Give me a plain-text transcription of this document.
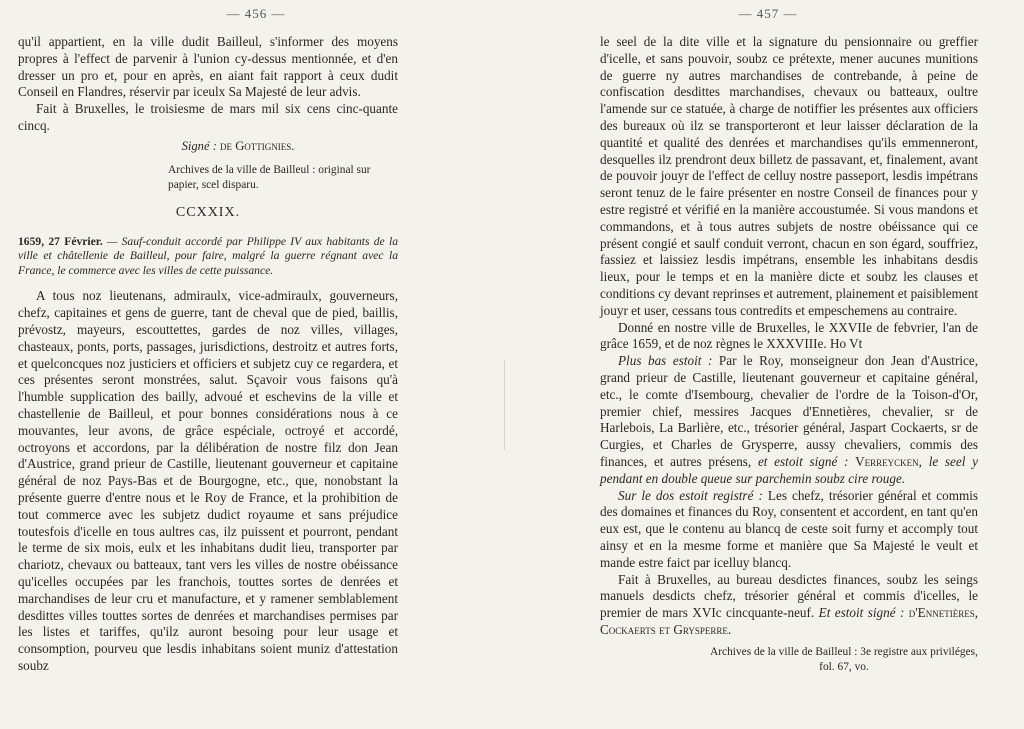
— 456 —

qu'il appartient, en la ville dudit Bailleul, s'informer des moyens propres à l'effect de parvenir à l'union cy-dessus mentionnée, et d'en dresser un pro et, pour en après, en aiant fait rapport à ceux dudit Conseil en Flandres, réservir par iceulx Sa Majesté de leur advis.

Fait à Bruxelles, le troisiesme de mars mil six cens cinc-quante cincq.

Signé : de Gottignies.

Archives de la ville de Bailleul : original sur papier, scel disparu.

CCXXIX.

1659, 27 Février. — Sauf-conduit accordé par Philippe IV aux habitants de la ville et châtellenie de Bailleul, pour faire, malgré la guerre régnant avec la France, le commerce avec les villes de cette puissance.

A tous noz lieutenans, admiraulx, vice-admiraulx, gouverneurs, chefz, capitaines et gens de guerre, tant de cheval que de pied, baillis, prévostz, mayeurs, escouttettes, gardes de noz villes, villages, chasteaux, ponts, ports, passages, jurisdictions, destroitz et autres forts, et quelconcques noz justiciers et officiers et subjetz cuy ce regardera, et ces présentes seront monstrées, salut. Sçavoir vous faisons qu'à l'humble supplication des bailly, advoué et eschevins de la ville et chastellenie de Bailleul, et pour bonnes considérations nous à ce mouvantes, leur avons, de grâce espéciale, octroyé et accordé, octroyons et accordons, par la délibération de nostre filz don Jean d'Austrice, grand prieur de Castille, lieutenant gouverneur et capitaine général de noz Pays-Bas et de Bourgogne, etc., que, nonobstant la présente guerre d'entre nous et le Roy de France, et la prohibition de tout commerce avec les subjetz dudict royaume et sans préjudice toutesfois d'icelle en tous aultres cas, ilz puissent et pourront, pendant le terme de six mois, eulx et les inhabitans dudit lieu, transporter par chariotz, chevaux ou batteaux, tant vers les villes de nostre obéissance qu'icelles occupées par les franchois, touttes sortes de denrées et marchandises de leur cru et manufacture, et y ramener semblablement desdittes villes touttes sortes de denrées et marchandises permises par les listes et tariffes, qu'ilz auront besoing pour leur usage et consomption, pourveu que lesdis inhabitans soient muniz d'attestation soubz

— 457 —

le seel de la dite ville et la signature du pensionnaire ou greffier d'icelle, et sans pouvoir, soubz ce prétexte, mener aucunes munitions de guerre ny autres marchandises de contrebande, à peine de confiscation desdittes marchandises, chevaux ou batteaux, oultre l'amende sur ce statuée, à charge de notiffier les présentes aux officiers des bureaux où ilz se transporteront et leur laisser déclaration de la quantité et qualité des denrées et marchandises qu'ils emmenneront, desquelles ilz prendront deux billetz de passavant, et, finalement, avant de pouvoir jouyr de l'effect de celluy nostre passeport, lesdis impétrans seront tenuz de le faire présenter en nostre Conseil de finances pour y estre registré et vérifié en la manière accoustumée. Si vous mandons et commandons, et à tous autres subjets de nostre obéissance qui ce présent congié et saulf conduit verront, chacun en son égard, souffriez, fassiez et laissiez lesdis impétrans, ensemble les inhabitans desdis lieux, pour le temps et en la manière dicte et soubz les clauses et conditions cy devant reprinses et autrement, plainement et paisiblement jouyr et user, cessans tous contredits et empeschemens au contraire.

Donné en nostre ville de Bruxelles, le XXVIIe de febvrier, l'an de grâce 1659, et de noz règnes le XXXVIIIe. Ho Vt

Plus bas estoit : Par le Roy, monseigneur don Jean d'Austrice, grand prieur de Castille, lieutenant gouverneur et capitaine général, etc., le comte d'Isembourg, chevalier de l'ordre de la Toison-d'Or, premier chief, messires Jacques d'Ennetières, chevalier, sr de Harlebois, La Barlière, etc., trésorier général, Jaspart Cockaerts, sr de Curgies, et Charles de Grysperre, aussy chevaliers, commis des finances, et autres présens, et estoit signé : Verreycken, le seel y pendant en double queue sur parchemin soubz cire rouge.

Sur le dos estoit registré : Les chefz, trésorier général et commis des domaines et finances du Roy, consentent et accordent, en tant qu'en eux est, que le contenu au blancq de ceste soit furny et accomply tout ainsy et en la mesme forme et manière que Sa Majesté le veult et mande estre faict par icelluy blancq.

Fait à Bruxelles, au bureau desdictes finances, soubz les seings manuels desdicts chefz, trésorier général et commis d'icelles, le premier de mars XVIc cincquante-neuf. Et estoit signé : d'Ennetières, Cockaerts et Grysperre.

Archives de la ville de Bailleul : 3e registre aux priviléges, fol. 67, vo.
